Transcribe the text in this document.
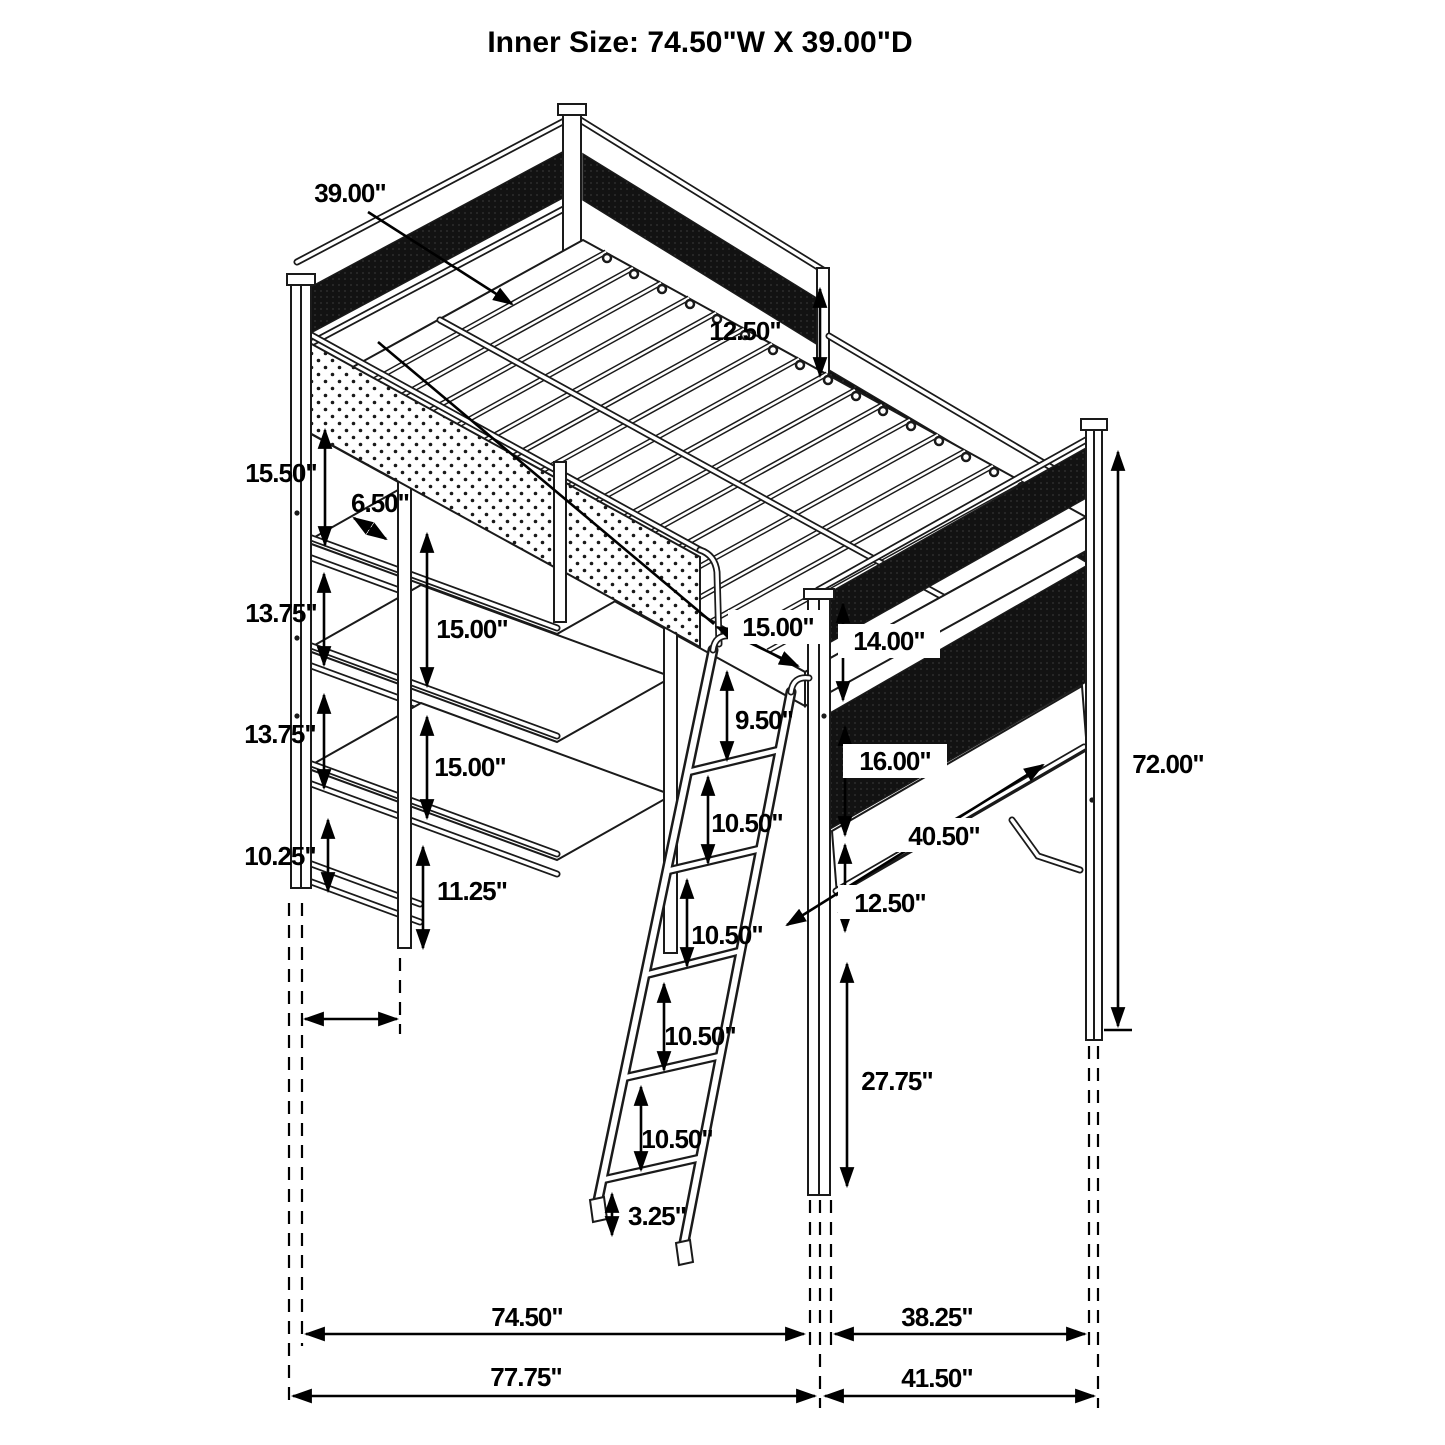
Inner Size: 74.50"W X 39.00"D
39.00"
12.50"
15.50"
6.50"
13.75"
15.00"
13.75"
15.00"
10.25"
11.25"
15.00"
9.50"
14.00"
16.00"
10.50"	40.50"
12.50"
10.50"
10.50"
10.50"
3.25"
27.75"
72.00"
74.50"	38.25"
77.75"	41.50"
